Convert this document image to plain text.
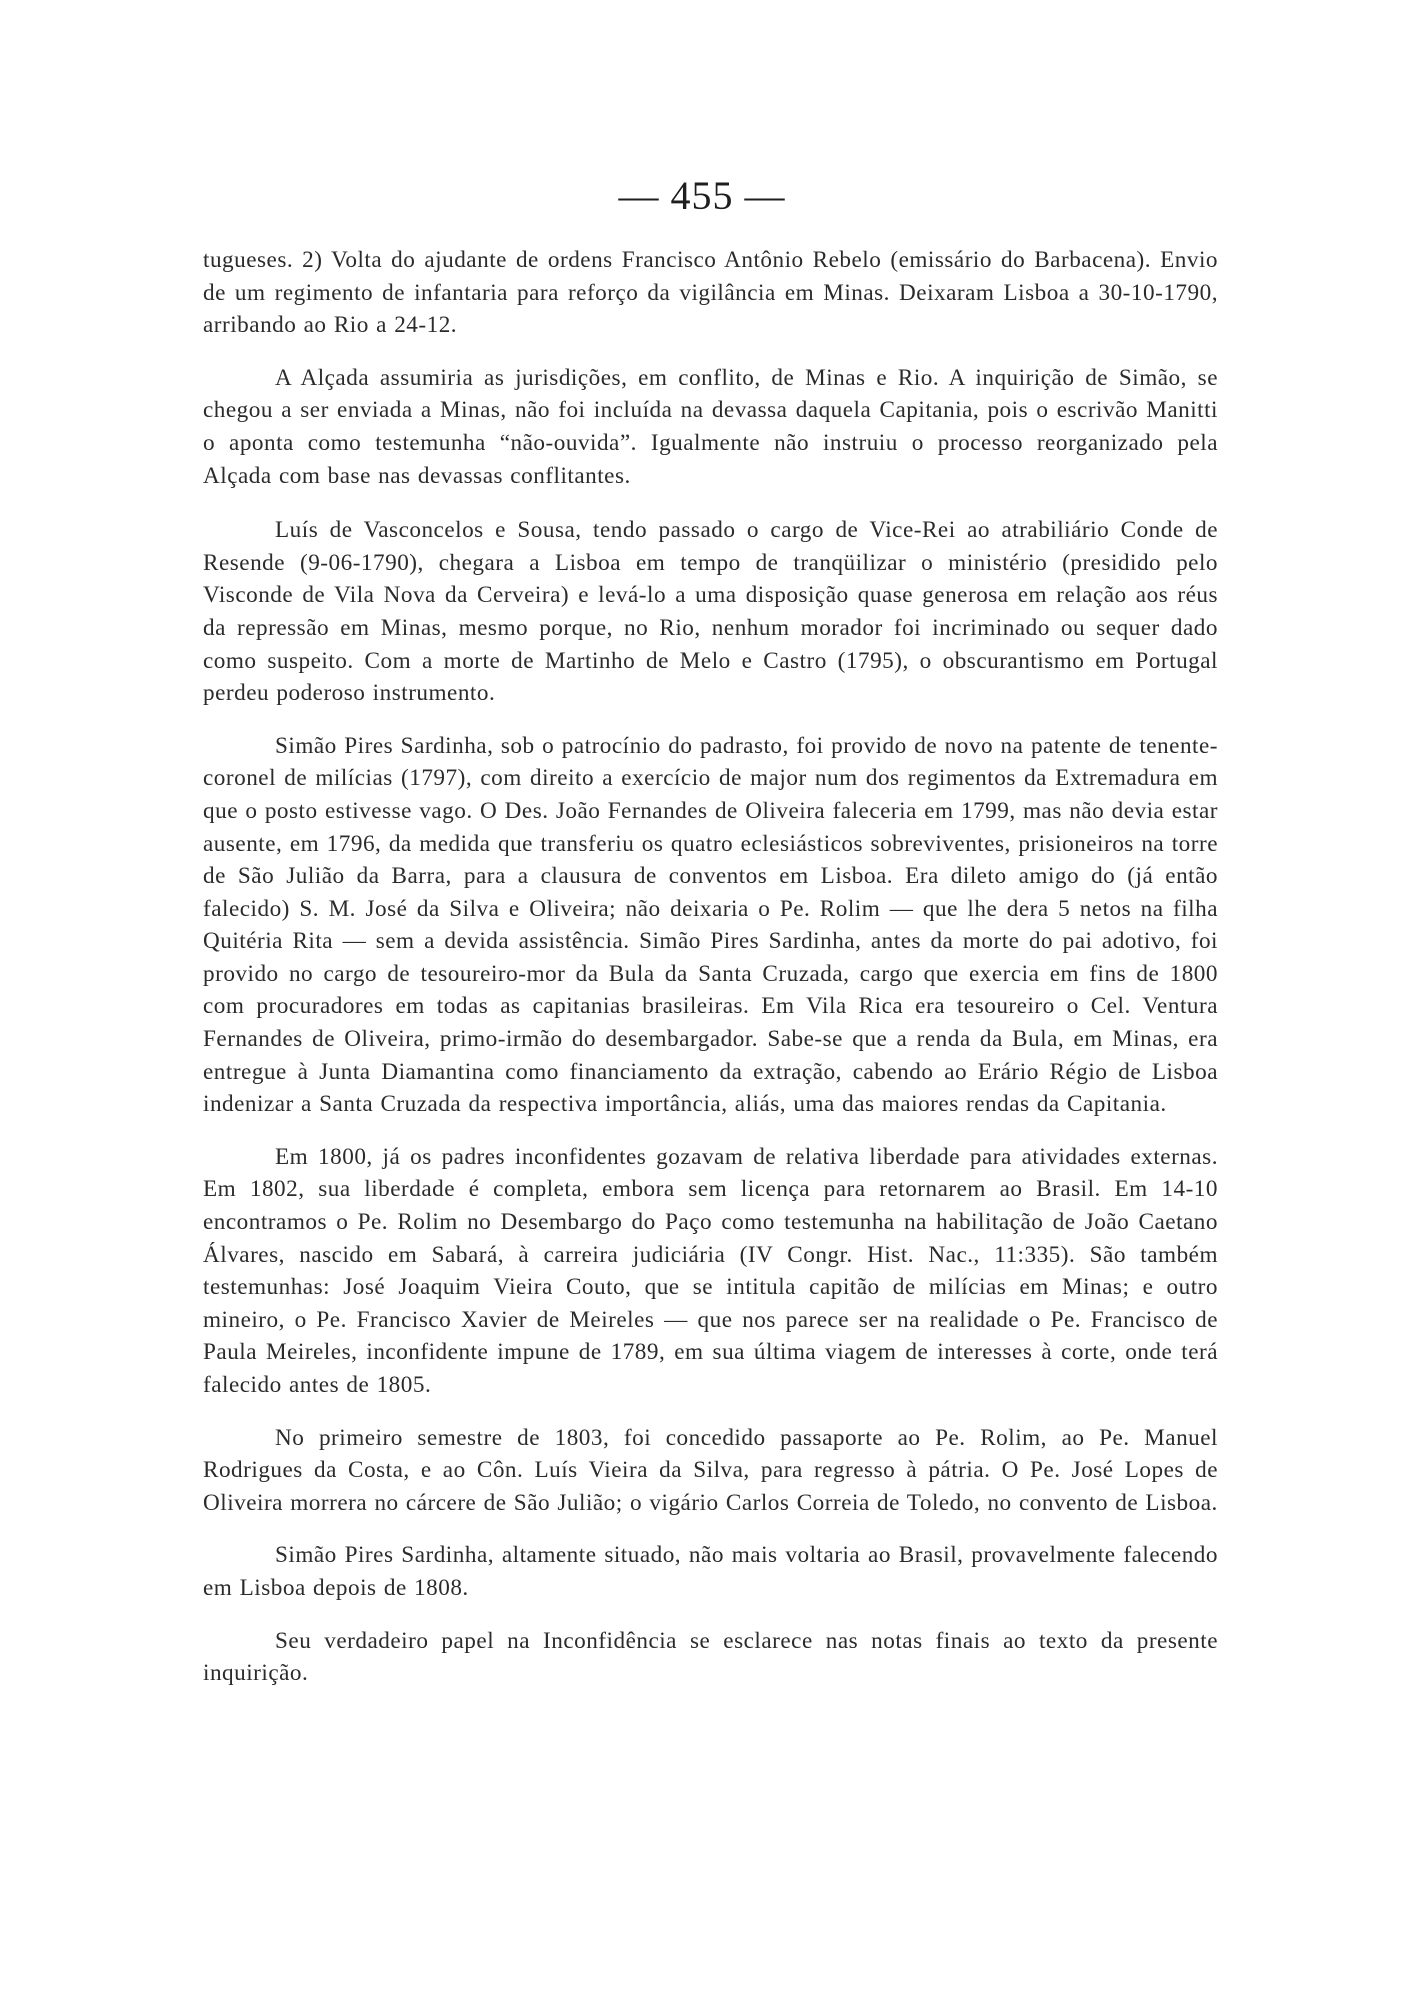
— 455 —

tugueses. 2) Volta do ajudante de ordens Francisco Antônio Rebelo (emissário do Barbacena). Envio de um regimento de infantaria para reforço da vigilância em Minas. Deixaram Lisboa a 30-10-1790, arribando ao Rio a 24-12.

A Alçada assumiria as jurisdições, em conflito, de Minas e Rio. A inquirição de Simão, se chegou a ser enviada a Minas, não foi incluída na devassa daquela Capitania, pois o escrivão Manitti o aponta como testemunha “não-ouvida”. Igualmente não instruiu o processo reorganizado pela Alçada com base nas devassas conflitantes.

Luís de Vasconcelos e Sousa, tendo passado o cargo de Vice-Rei ao atrabiliário Conde de Resende (9-06-1790), chegara a Lisboa em tempo de tranqüilizar o ministério (presidido pelo Visconde de Vila Nova da Cerveira) e levá-lo a uma disposição quase generosa em relação aos réus da repressão em Minas, mesmo porque, no Rio, nenhum morador foi incriminado ou sequer dado como suspeito. Com a morte de Martinho de Melo e Castro (1795), o obscurantismo em Portugal perdeu poderoso instrumento.

Simão Pires Sardinha, sob o patrocínio do padrasto, foi provido de novo na patente de tenente-coronel de milícias (1797), com direito a exercício de major num dos regimentos da Extremadura em que o posto estivesse vago. O Des. João Fernandes de Oliveira faleceria em 1799, mas não devia estar ausente, em 1796, da medida que transferiu os quatro eclesiásticos sobreviventes, prisioneiros na torre de São Julião da Barra, para a clausura de conventos em Lisboa. Era dileto amigo do (já então falecido) S. M. José da Silva e Oliveira; não deixaria o Pe. Rolim — que lhe dera 5 netos na filha Quitéria Rita — sem a devida assistência. Simão Pires Sardinha, antes da morte do pai adotivo, foi provido no cargo de tesoureiro-mor da Bula da Santa Cruzada, cargo que exercia em fins de 1800 com procuradores em todas as capitanias brasileiras. Em Vila Rica era tesoureiro o Cel. Ventura Fernandes de Oliveira, primo-irmão do desembargador. Sabe-se que a renda da Bula, em Minas, era entregue à Junta Diamantina como financiamento da extração, cabendo ao Erário Régio de Lisboa indenizar a Santa Cruzada da respectiva importância, aliás, uma das maiores rendas da Capitania.

Em 1800, já os padres inconfidentes gozavam de relativa liberdade para atividades externas. Em 1802, sua liberdade é completa, embora sem licença para retornarem ao Brasil. Em 14-10 encontramos o Pe. Rolim no Desembargo do Paço como testemunha na habilitação de João Caetano Álvares, nascido em Sabará, à carreira judiciária (IV Congr. Hist. Nac., 11:335). São também testemunhas: José Joaquim Vieira Couto, que se intitula capitão de milícias em Minas; e outro mineiro, o Pe. Francisco Xavier de Meireles — que nos parece ser na realidade o Pe. Francisco de Paula Meireles, inconfidente impune de 1789, em sua última viagem de interesses à corte, onde terá falecido antes de 1805.

No primeiro semestre de 1803, foi concedido passaporte ao Pe. Rolim, ao Pe. Manuel Rodrigues da Costa, e ao Côn. Luís Vieira da Silva, para regresso à pátria. O Pe. José Lopes de Oliveira morrera no cárcere de São Julião; o vigário Carlos Correia de Toledo, no convento de Lisboa.

Simão Pires Sardinha, altamente situado, não mais voltaria ao Brasil, provavelmente falecendo em Lisboa depois de 1808.

Seu verdadeiro papel na Inconfidência se esclarece nas notas finais ao texto da presente inquirição.
